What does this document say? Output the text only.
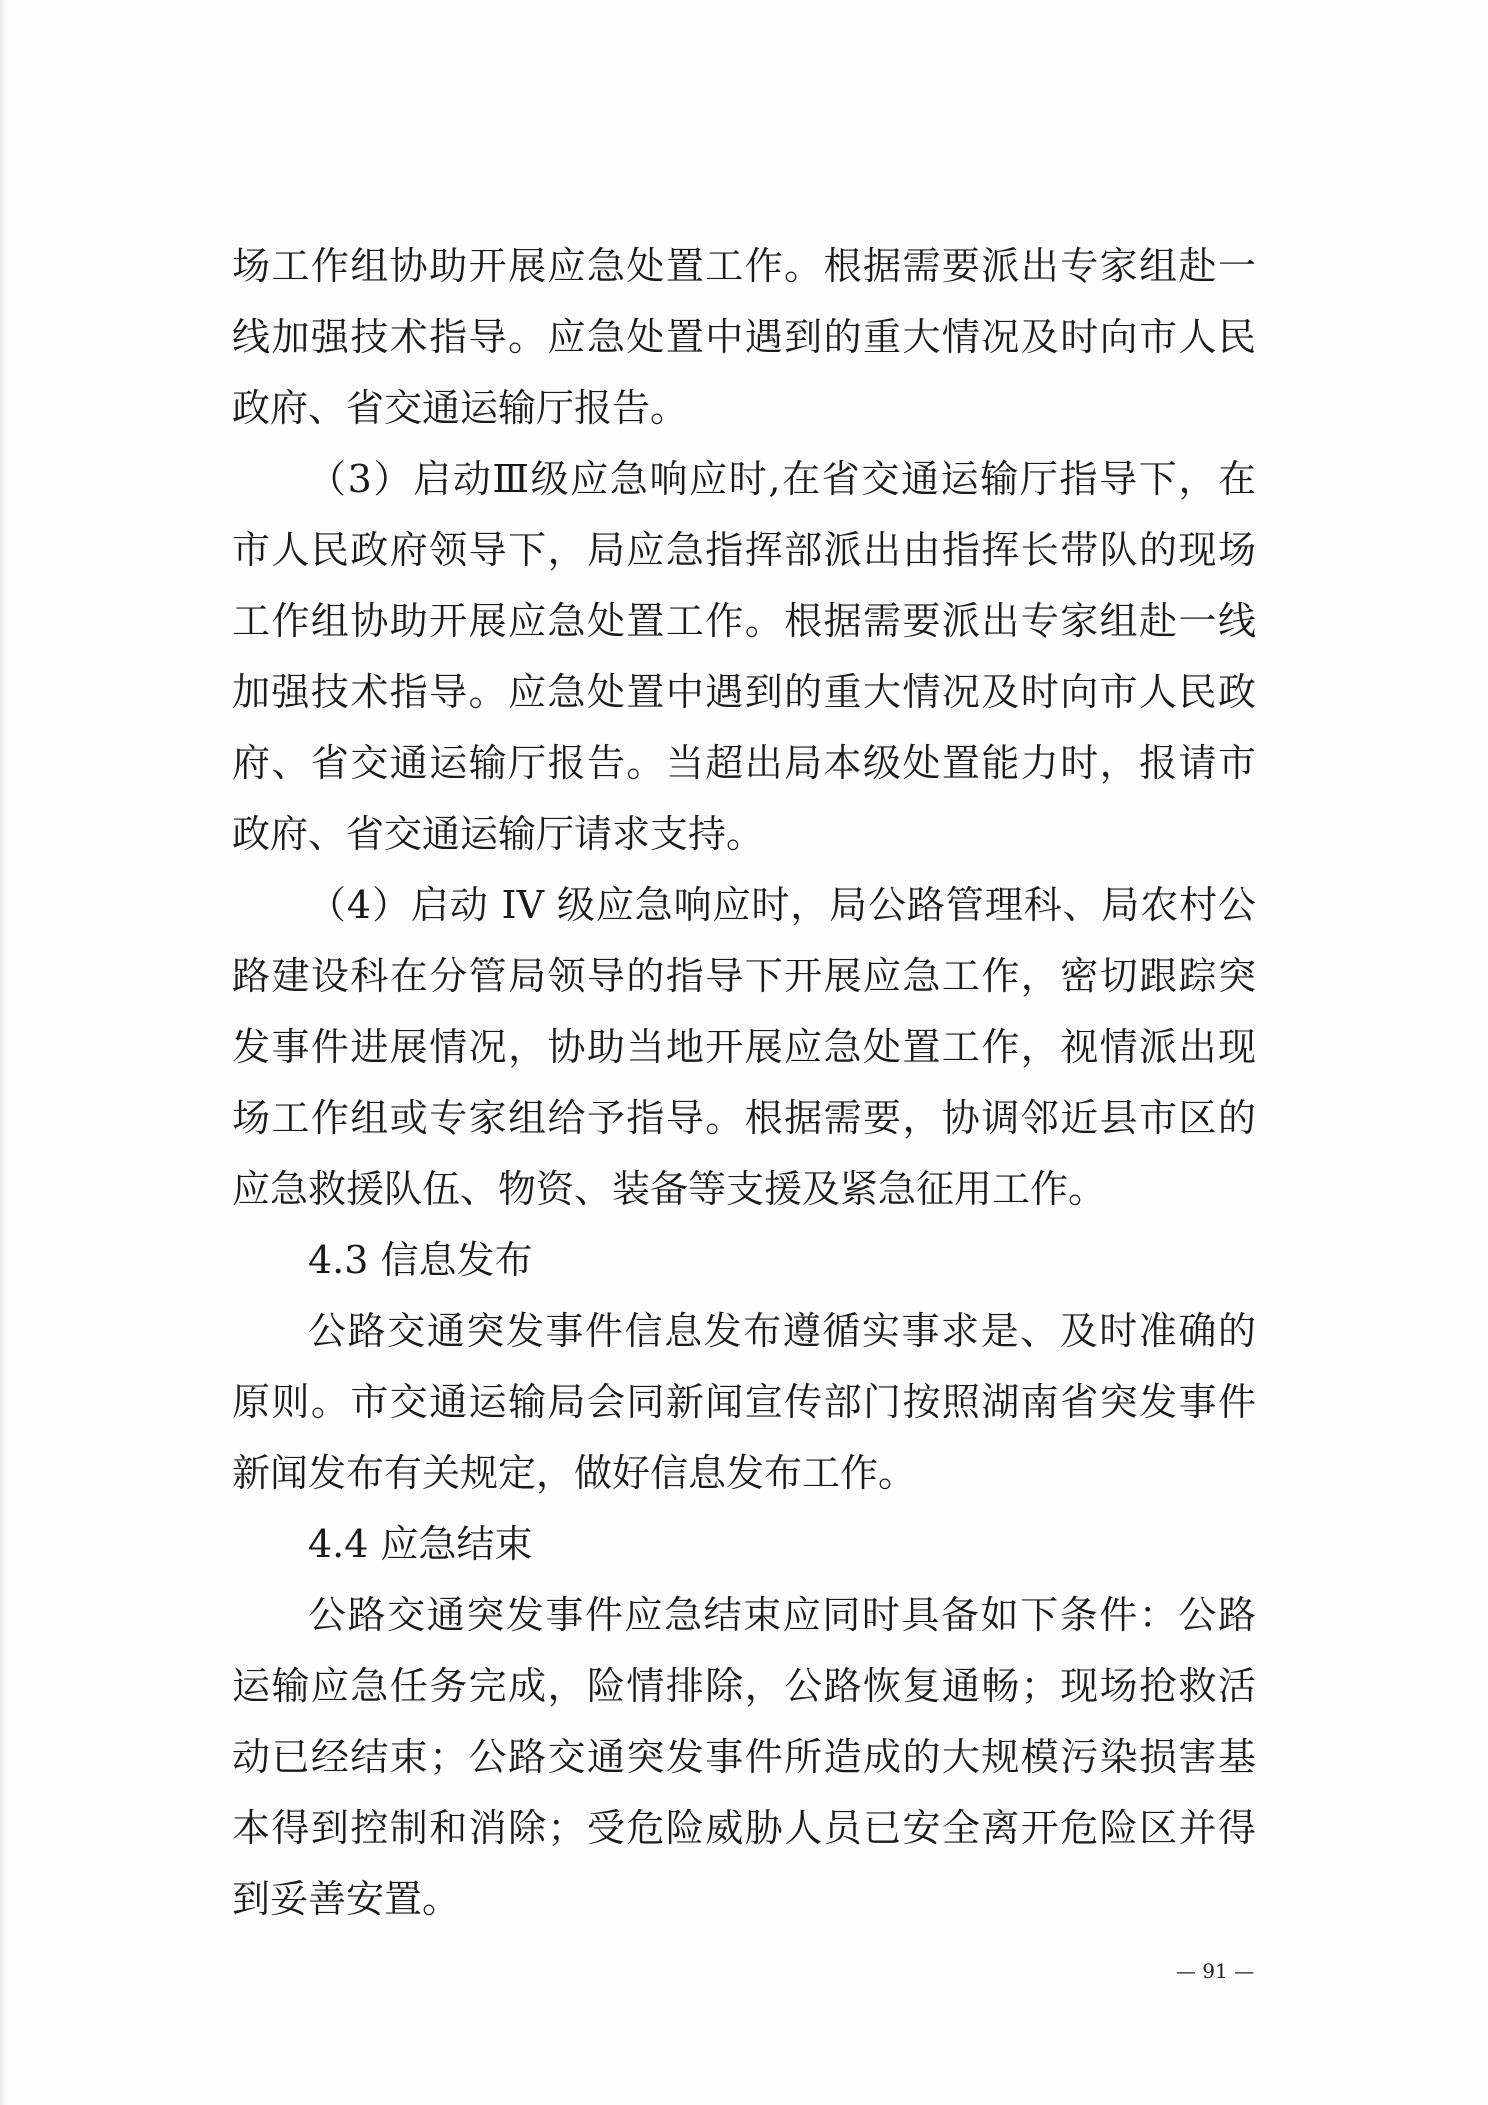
场工作组协助开展应急处置工作。根据需要派出专家组赴一
线加强技术指导。应急处置中遇到的重大情况及时向市人民
政府、省交通运输厅报告。
（3）启动Ⅲ级应急响应时,在省交通运输厅指导下，在
市人民政府领导下，局应急指挥部派出由指挥长带队的现场
工作组协助开展应急处置工作。根据需要派出专家组赴一线
加强技术指导。应急处置中遇到的重大情况及时向市人民政
府、省交通运输厅报告。当超出局本级处置能力时，报请市
政府、省交通运输厅请求支持。
（4）启动 IV 级应急响应时，局公路管理科、局农村公
路建设科在分管局领导的指导下开展应急工作，密切跟踪突
发事件进展情况，协助当地开展应急处置工作，视情派出现
场工作组或专家组给予指导。根据需要，协调邻近县市区的
应急救援队伍、物资、装备等支援及紧急征用工作。
4.3 信息发布
公路交通突发事件信息发布遵循实事求是、及时准确的
原则。市交通运输局会同新闻宣传部门按照湖南省突发事件
新闻发布有关规定，做好信息发布工作。
4.4 应急结束
公路交通突发事件应急结束应同时具备如下条件：公路
运输应急任务完成，险情排除，公路恢复通畅；现场抢救活
动已经结束；公路交通突发事件所造成的大规模污染损害基
本得到控制和消除；受危险威胁人员已安全离开危险区并得
到妥善安置。
— 91 —
